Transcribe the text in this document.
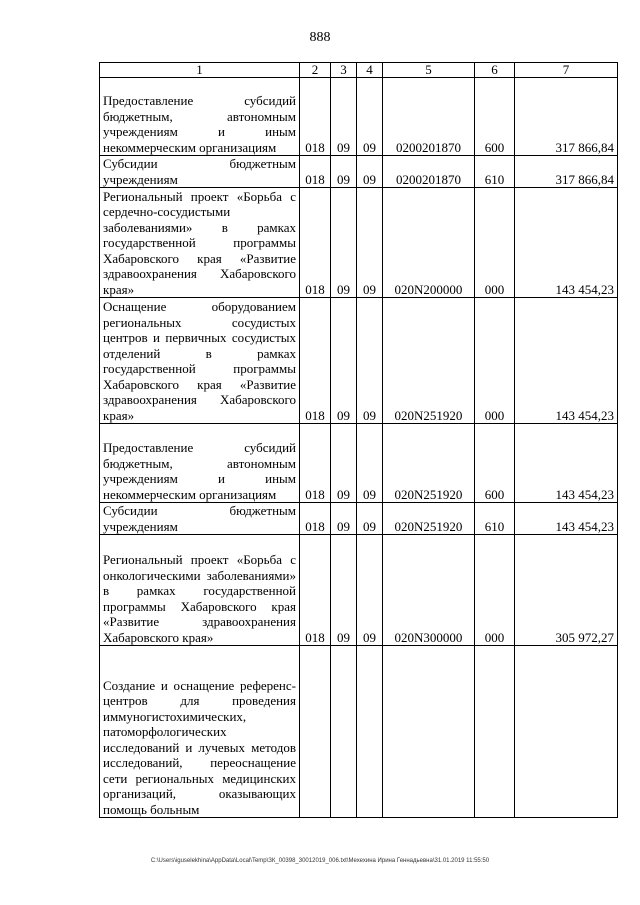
888
1	2	3	4	5	6	7
Предоставление субсидий бюджетным, автономным учреждениям и иным некоммерческим организациям	018	09	09	0200201870	600	317 866,84
Субсидии бюджетным учреждениям	018	09	09	0200201870	610	317 866,84
Региональный проект «Борьба с сердечно-сосудистыми заболеваниями» в рамках государственной программы Хабаровского края «Развитие здравоохранения Хабаровского края»	018	09	09	020N200000	000	143 454,23
Оснащение оборудованием региональных сосудистых центров и первичных сосудистых отделений в рамках государственной программы Хабаровского края «Развитие здравоохранения Хабаровского края»	018	09	09	020N251920	000	143 454,23
Предоставление субсидий бюджетным, автономным учреждениям и иным некоммерческим организациям	018	09	09	020N251920	600	143 454,23
Субсидии бюджетным учреждениям	018	09	09	020N251920	610	143 454,23
Региональный проект «Борьба с онкологическими заболеваниями» в рамках государственной программы Хабаровского края «Развитие здравоохранения Хабаровского края»	018	09	09	020N300000	000	305 972,27
Создание и оснащение референс-центров для проведения иммуногистохимических, патоморфологических исследований и лучевых методов исследований, переоснащение сети региональных медицинских организаций, оказывающих помощь больным						
C:\Users\iguselekhina\AppData\Local\Temp\ЗК_00398_30012019_006.txt\Мехехина Ирина Геннадьевна\31.01.2019 11:55:50
